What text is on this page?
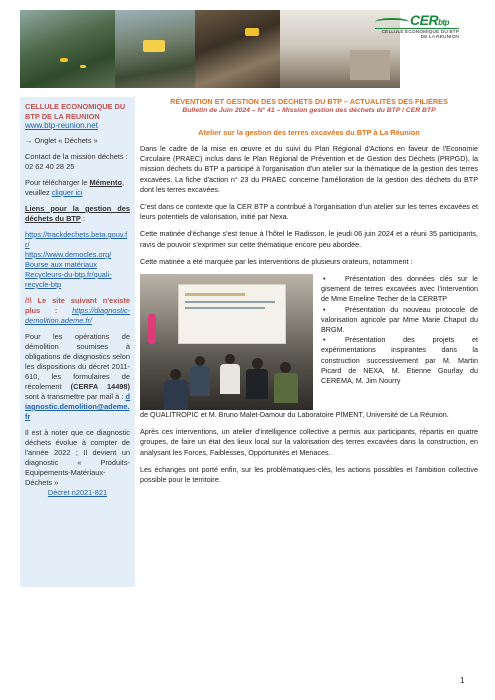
CERbtp
CELLULE ECONOMIQUE DU BTP DE LA REUNION
CELLULE ECONOMIQUE DU
BTP DE LA REUNION
www.btp-reunion.net
→ Onglet « Déchets »
Contact de la mission déchets : 02 62 40 28 25
Pour télécharger le Mémento, veuillez cliquer ici
Liens pour la gestion des déchets du BTP :
https://trackdechets.beta.gouv.fr/
https://www.democles.org/
Bourse aux matériaux Recycleurs-du-btp.fr/quali-recycle-btp
/!\ Le site suivant n'existe plus : https://diagnostic-demolition.ademe.fr/
Pour les opérations de démolition soumises à obligations de diagnostics selon les dispositions du décret 2011-610, les formulaires de récolement (CERFA 14498) sont à transmettre par mail à : diagnostic.demolition@ademe.fr
Il est à noter que ce diagnostic déchets évolue à compter de l'année 2022 ; Il devient un diagnostic « Produits-Equipements-Matériaux-Déchets »
Décret n2021-821
RÉVENTION ET GESTION DES DÉCHETS DU BTP – ACTUALITÉS DES FILIÈRES
Bulletin de Juin 2024 – N° 41 – Mission gestion des déchets du BTP / CER BTP
Atelier sur la gestion des terres excavées du BTP à La Réunion
Dans le cadre de la mise en œuvre et du suivi du Plan Régional d'Actions en faveur de l'Economie Circulaire (PRAEC) inclus dans le Plan Régional de Prévention et de Gestion des Déchets (PRPGD), la mission déchets du BTP a participé à l'organisation d'un atelier sur la thématique de la gestion des terres excavées. La fiche d'action n° 23 du PRAEC concerne l'amélioration de la gestion des déchets du BTP dont les terres excavées.
C'est dans ce contexte que la CER BTP a contribué à l'organisation d'un atelier sur les terres excavées et leurs potentiels de valorisation, initié par Nexa.
Cette matinée d'échange s'est tenue à l'hôtel le Radisson, le jeudi 06 juin 2024 et a réuni 35 participants, ravis de pouvoir s'exprimer sur cette thématique encore peu abordée.
Cette matinée a été marquée par les interventions de plusieurs orateurs, notamment :
• Présentation des données clés sur le gisement de terres excavées avec l'intervention de Mme Emeline Techer de la CERBTP
• Présentation du nouveau protocole de valorisation agricole par Mme Marie Chaput du BRGM.
• Présentation des projets et expérimentations inspirantes dans la construction successivement par M. Martin Picard de NEXA, M. Etienne Gourlay du CEREMA, M. Jim Nourry
de QUALITROPIC et M. Bruno Malet-Damour du Laboratoire PIMENT, Université de La Réunion.
Après ces interventions, un atelier d'intelligence collective a permis aux participants, répartis en quatre groupes, de faire un état des lieux local sur la valorisation des terres excavées dans la construction, en analysant les Forces, Faiblesses, Opportunités et Menaces.
Les échanges ont porté enfin, sur les problématiques-clés, les actions possibles et l'ambition collective possible pour le territoire.
1
